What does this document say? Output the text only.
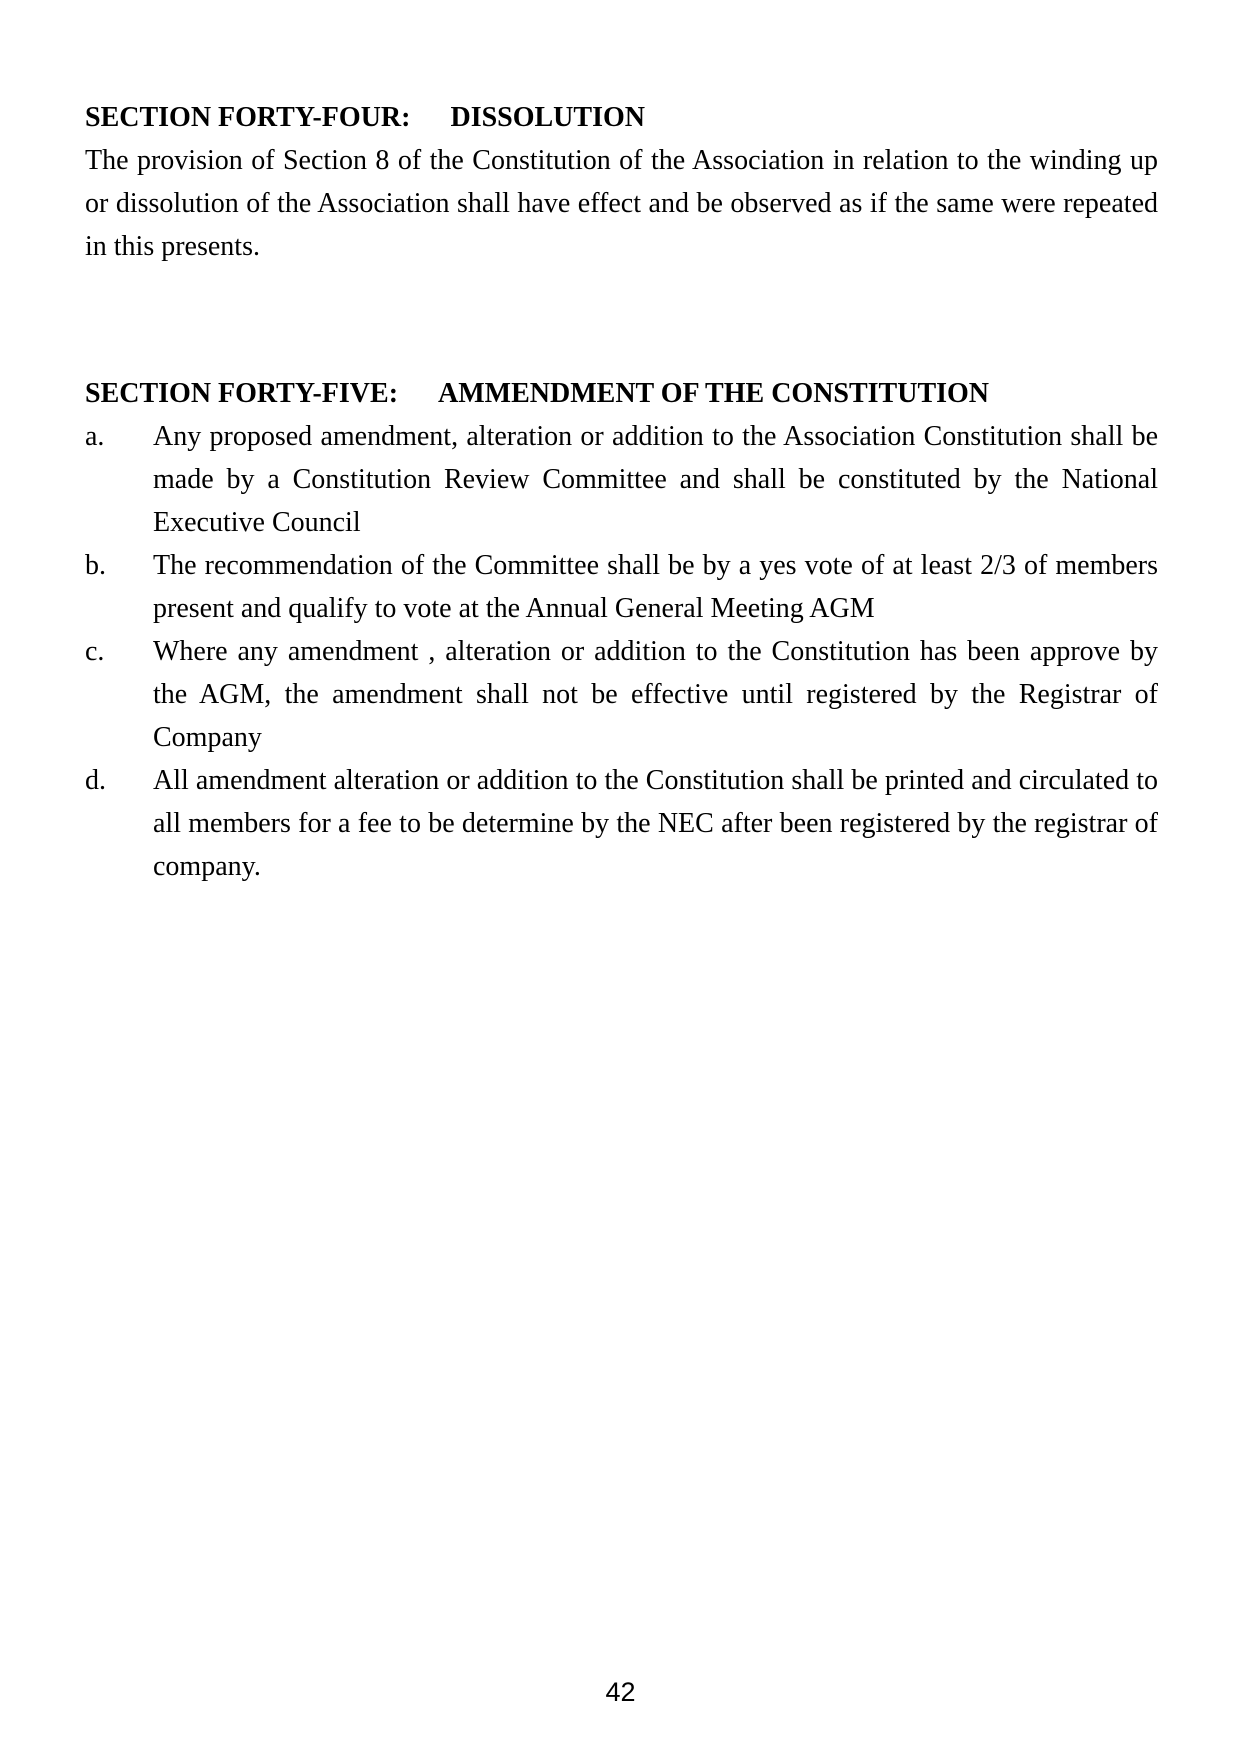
SECTION FORTY-FOUR: DISSOLUTION

The provision of Section 8 of the Constitution of the Association in relation to the winding up or dissolution of the Association shall have effect and be observed as if the same were repeated in this presents.

SECTION FORTY-FIVE: AMMENDMENT OF THE CONSTITUTION
a.	Any proposed amendment, alteration or addition to the Association Constitution shall be made by a Constitution Review Committee and shall be constituted by the National Executive Council
b.	The recommendation of the Committee shall be by a yes vote of at least 2/3 of members present and qualify to vote at the Annual General Meeting AGM
c.	Where any amendment , alteration or addition to the Constitution has been approve by the AGM, the amendment shall not be effective until registered by the Registrar of Company
d.	All amendment alteration or addition to the Constitution shall be printed and circulated to all members for a fee to be determine by the NEC after been registered by the registrar of company.
42
